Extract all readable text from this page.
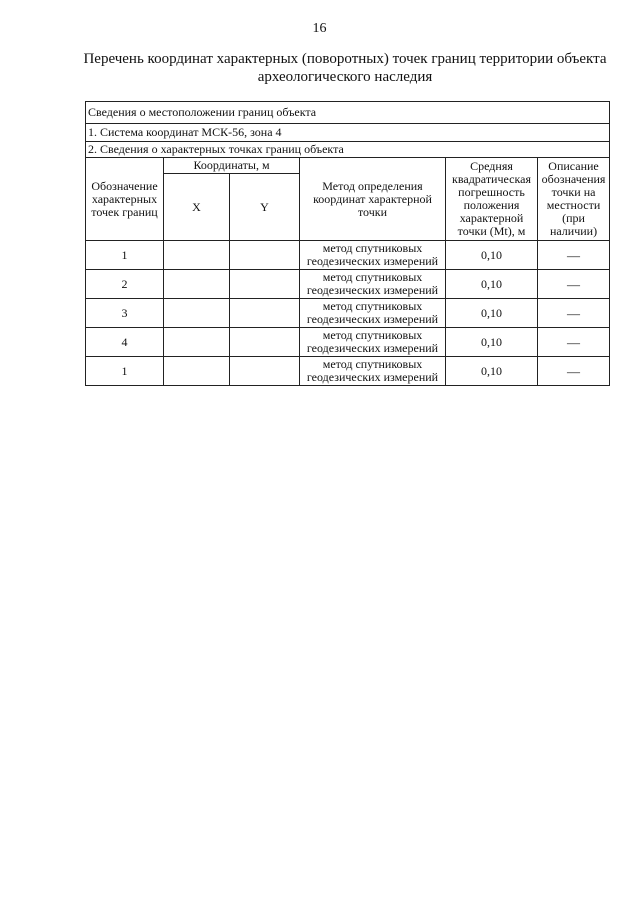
16
Перечень координат характерных (поворотных) точек границ территории объекта археологического наследия
Сведения о местоположении границ объекта					
1. Система координат МСК-56, зона 4					
2. Сведения о характерных точках границ объекта					
Обозначение характерных точек границ	Координаты, м		Метод определения координат характерной точки	Средняя квадратическая погрешность положения характерной точки (Mt), м	Описание обозначения точки на местности (при наличии)
	X	Y			
1			метод спутниковых геодезических измерений	0,10	—
2			метод спутниковых геодезических измерений	0,10	—
3			метод спутниковых геодезических измерений	0,10	—
4			метод спутниковых геодезических измерений	0,10	—
1			метод спутниковых геодезических измерений	0,10	—
